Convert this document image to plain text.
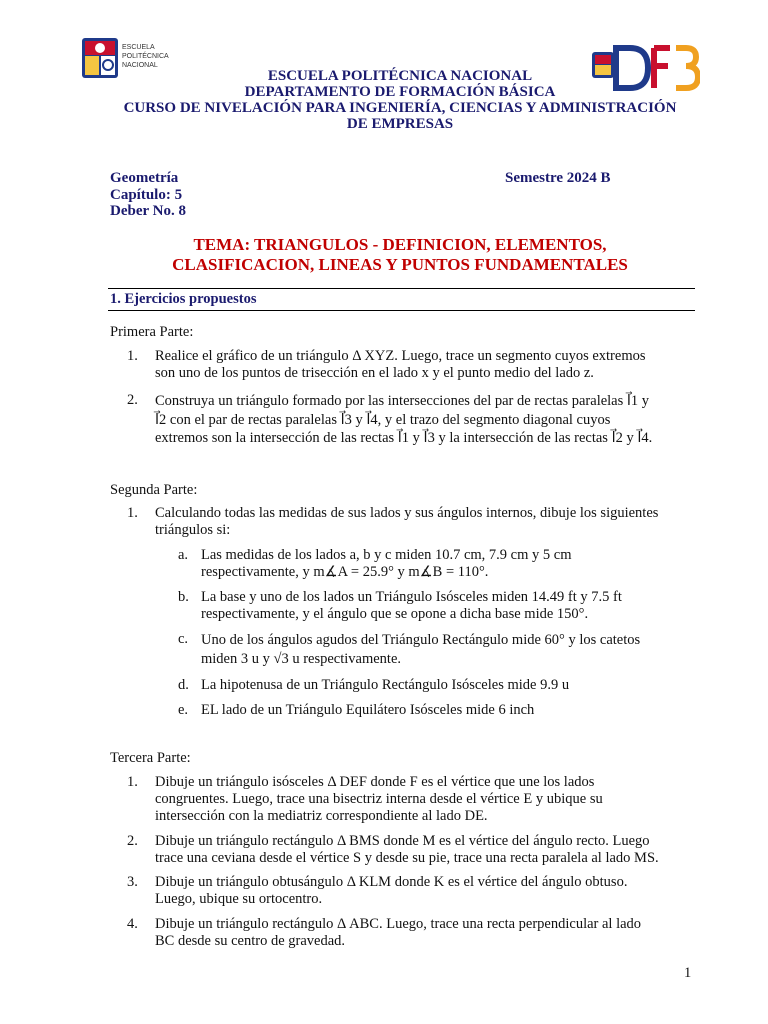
ESCUELA
POLITÉCNICA
NACIONAL
ESCUELA POLITÉCNICA NACIONAL
DEPARTAMENTO DE FORMACIÓN BÁSICA
CURSO DE NIVELACIÓN PARA INGENIERÍA, CIENCIAS Y ADMINISTRACIÓN
DE EMPRESAS
Geometría
Capítulo: 5
Deber No. 8
Semestre 2024 B
TEMA: TRIANGULOS - DEFINICION, ELEMENTOS,
CLASIFICACION, LINEAS Y PUNTOS FUNDAMENTALES
1. Ejercicios propuestos
Primera Parte:
1. Realice el gráfico de un triángulo Δ XYZ. Luego, trace un segmento cuyos extremos
son uno de los puntos de trisección en el lado x y el punto medio del lado z.
2. Construya un triángulo formado por las intersecciones del par de rectas paralelas l⃗1 y
l⃗2 con el par de rectas paralelas l⃗3 y l⃗4, y el trazo del segmento diagonal cuyos
extremos son la intersección de las rectas l⃗1 y l⃗3 y la intersección de las rectas l⃗2 y l⃗4.
Segunda Parte:
1. Calculando todas las medidas de sus lados y sus ángulos internos, dibuje los siguientes
triángulos si:
a. Las medidas de los lados a, b y c miden 10.7 cm, 7.9 cm y 5 cm
respectivamente, y m∡A = 25.9° y m∡B = 110°.
b. La base y uno de los lados un Triángulo Isósceles miden 14.49 ft y 7.5 ft
respectivamente, y el ángulo que se opone a dicha base mide 150°.
c. Uno de los ángulos agudos del Triángulo Rectángulo mide 60° y los catetos
miden 3 u y √3 u respectivamente.
d. La hipotenusa de un Triángulo Rectángulo Isósceles mide 9.9 u
e. EL lado de un Triángulo Equilátero Isósceles mide 6 inch
Tercera Parte:
1. Dibuje un triángulo isósceles Δ DEF donde F es el vértice que une los lados
congruentes. Luego, trace una bisectriz interna desde el vértice E y ubique su
intersección con la mediatriz correspondiente al lado DE.
2. Dibuje un triángulo rectángulo Δ BMS donde M es el vértice del ángulo recto. Luego
trace una ceviana desde el vértice S y desde su pie, trace una recta paralela al lado MS.
3. Dibuje un triángulo obtusángulo Δ KLM donde K es el vértice del ángulo obtuso.
Luego, ubique su ortocentro.
4. Dibuje un triángulo rectángulo Δ ABC. Luego, trace una recta perpendicular al lado
BC desde su centro de gravedad.
1
